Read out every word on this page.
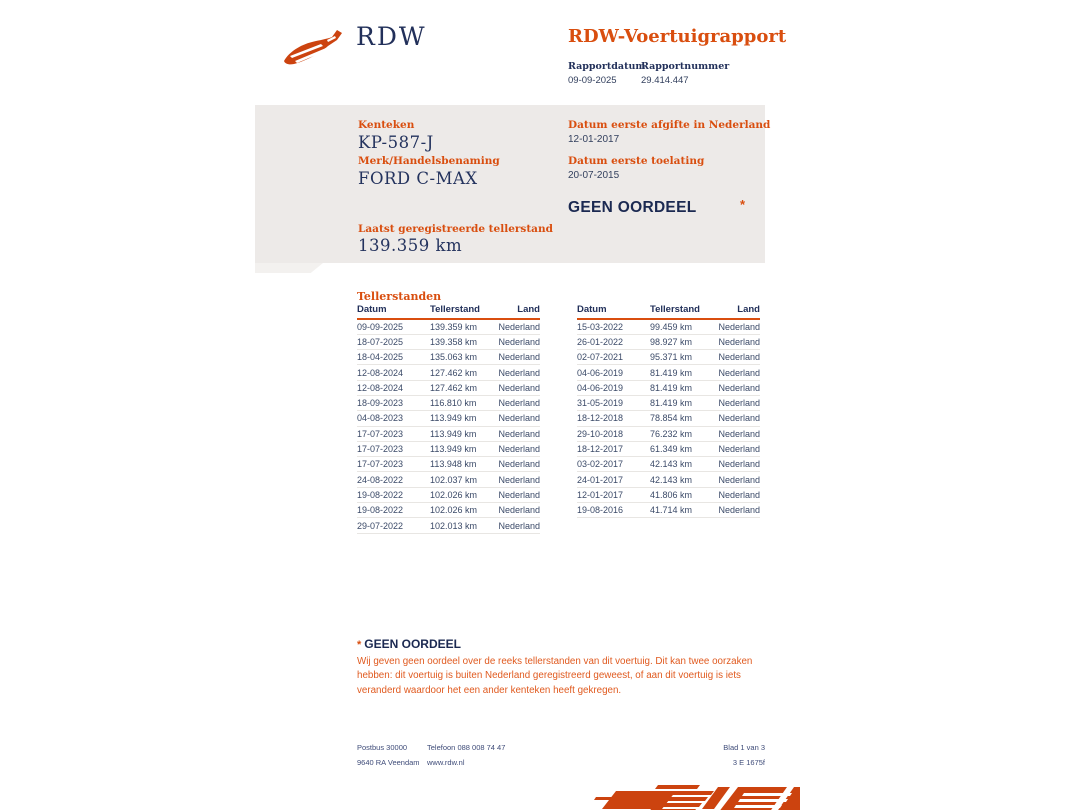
RDW	RDW-Voertuigrapport
Rapportdatum
09-09-2025
Rapportnummer
29.414.447
Kenteken
KP-587-J
Merk/Handelsbenaming
FORD C-MAX
Laatst geregistreerde tellerstand
139.359 km
Datum eerste afgifte in Nederland
12-01-2017
Datum eerste toelating
20-07-2015
GEEN OORDEEL	*
Tellerstanden
Datum	Tellerstand	Land
09-09-2025	139.359 km	Nederland
18-07-2025	139.358 km	Nederland
18-04-2025	135.063 km	Nederland
12-08-2024	127.462 km	Nederland
12-08-2024	127.462 km	Nederland
18-09-2023	116.810 km	Nederland
04-08-2023	113.949 km	Nederland
17-07-2023	113.949 km	Nederland
17-07-2023	113.949 km	Nederland
17-07-2023	113.948 km	Nederland
24-08-2022	102.037 km	Nederland
19-08-2022	102.026 km	Nederland
19-08-2022	102.026 km	Nederland
29-07-2022	102.013 km	Nederland
Datum	Tellerstand	Land
15-03-2022	99.459 km	Nederland
26-01-2022	98.927 km	Nederland
02-07-2021	95.371 km	Nederland
04-06-2019	81.419 km	Nederland
04-06-2019	81.419 km	Nederland
31-05-2019	81.419 km	Nederland
18-12-2018	78.854 km	Nederland
29-10-2018	76.232 km	Nederland
18-12-2017	61.349 km	Nederland
03-02-2017	42.143 km	Nederland
24-01-2017	42.143 km	Nederland
12-01-2017	41.806 km	Nederland
19-08-2016	41.714 km	Nederland
* GEEN OORDEEL
Wij geven geen oordeel over de reeks tellerstanden van dit voertuig. Dit kan twee oorzaken hebben: dit voertuig is buiten Nederland geregistreerd geweest, of aan dit voertuig is iets veranderd waardoor het een ander kenteken heeft gekregen.
Postbus 30000
9640 RA Veendam
Telefoon 088 008 74 47
www.rdw.nl
Blad 1 van 3
3 E 1675f
